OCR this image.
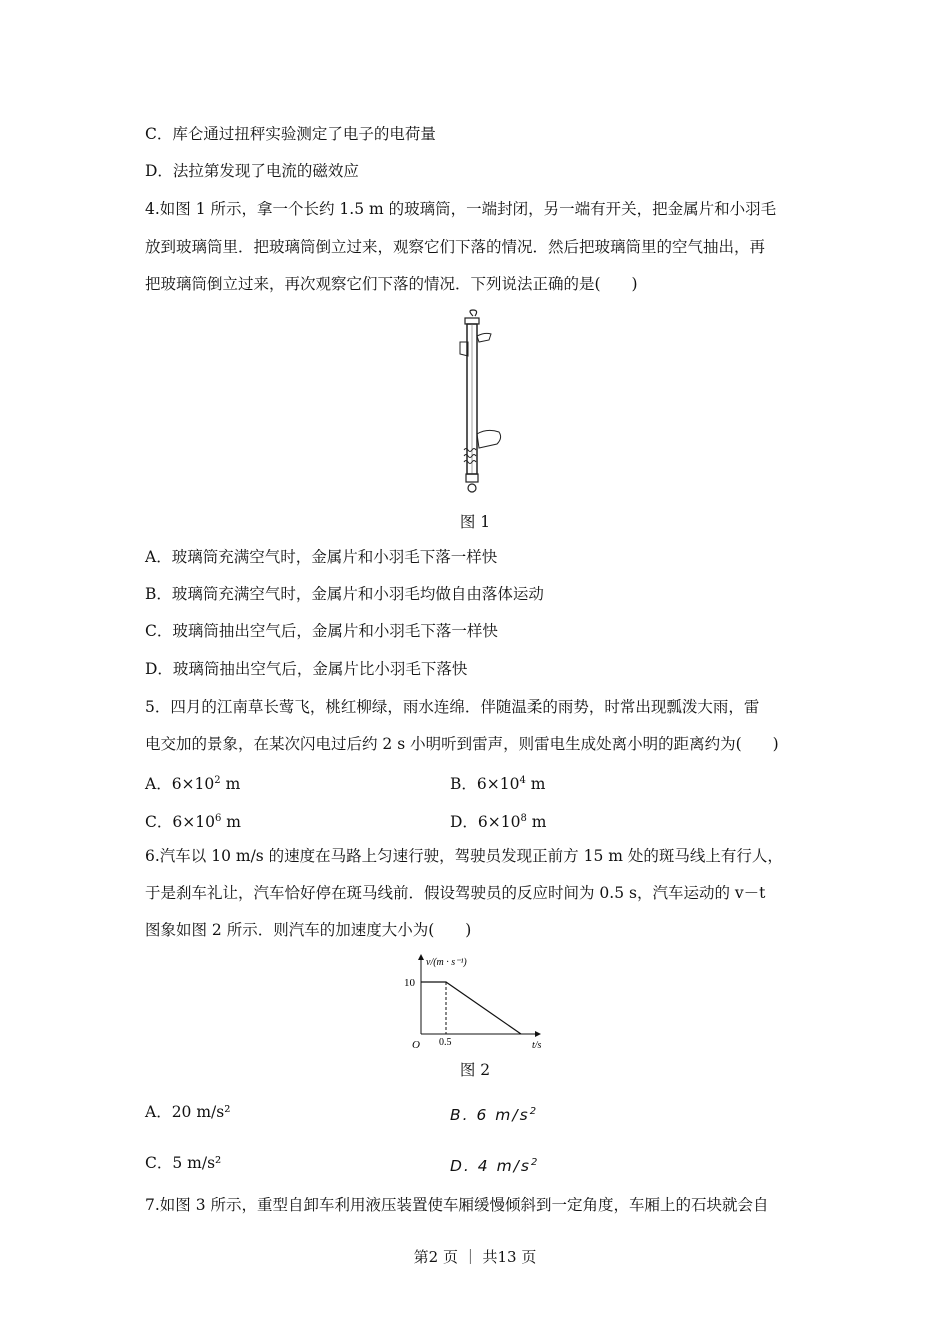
C．库仑通过扭秤实验测定了电子的电荷量
D．法拉第发现了电流的磁效应
4.如图 1 所示，拿一个长约 1.5 m 的玻璃筒，一端封闭，另一端有开关，把金属片和小羽毛
放到玻璃筒里．把玻璃筒倒立过来，观察它们下落的情况．然后把玻璃筒里的空气抽出，再
把玻璃筒倒立过来，再次观察它们下落的情况．下列说法正确的是(　　)
图 1
A．玻璃筒充满空气时，金属片和小羽毛下落一样快
B．玻璃筒充满空气时，金属片和小羽毛均做自由落体运动
C．玻璃筒抽出空气后，金属片和小羽毛下落一样快
D．玻璃筒抽出空气后，金属片比小羽毛下落快
5．四月的江南草长莺飞，桃红柳绿，雨水连绵．伴随温柔的雨势，时常出现瓢泼大雨，雷
电交加的景象，在某次闪电过后约 2 s 小明听到雷声，则雷电生成处离小明的距离约为(　　)
A．$6\times 10^2$ m	B．$6\times 10^4$ m
C．$6\times 10^6$ m	D．$6\times 10^8$ m
6.汽车以 10 m/s 的速度在马路上匀速行驶，驾驶员发现正前方 15 m 处的斑马线上有行人，
于是刹车礼让，汽车恰好停在斑马线前．假设驾驶员的反应时间为 0.5 s，汽车运动的 v－t
图象如图 2 所示．则汽车的加速度大小为(　　)
v/(m · s⁻¹)
t/s
O
10
0.5
图 2
A．20 m/s²	B. 6 $m/s^2$
C．5 m/s²	D. 4 $m/s^2$
7.如图 3 所示，重型自卸车利用液压装置使车厢缓慢倾斜到一定角度，车厢上的石块就会自
第2 页 ｜ 共13 页
